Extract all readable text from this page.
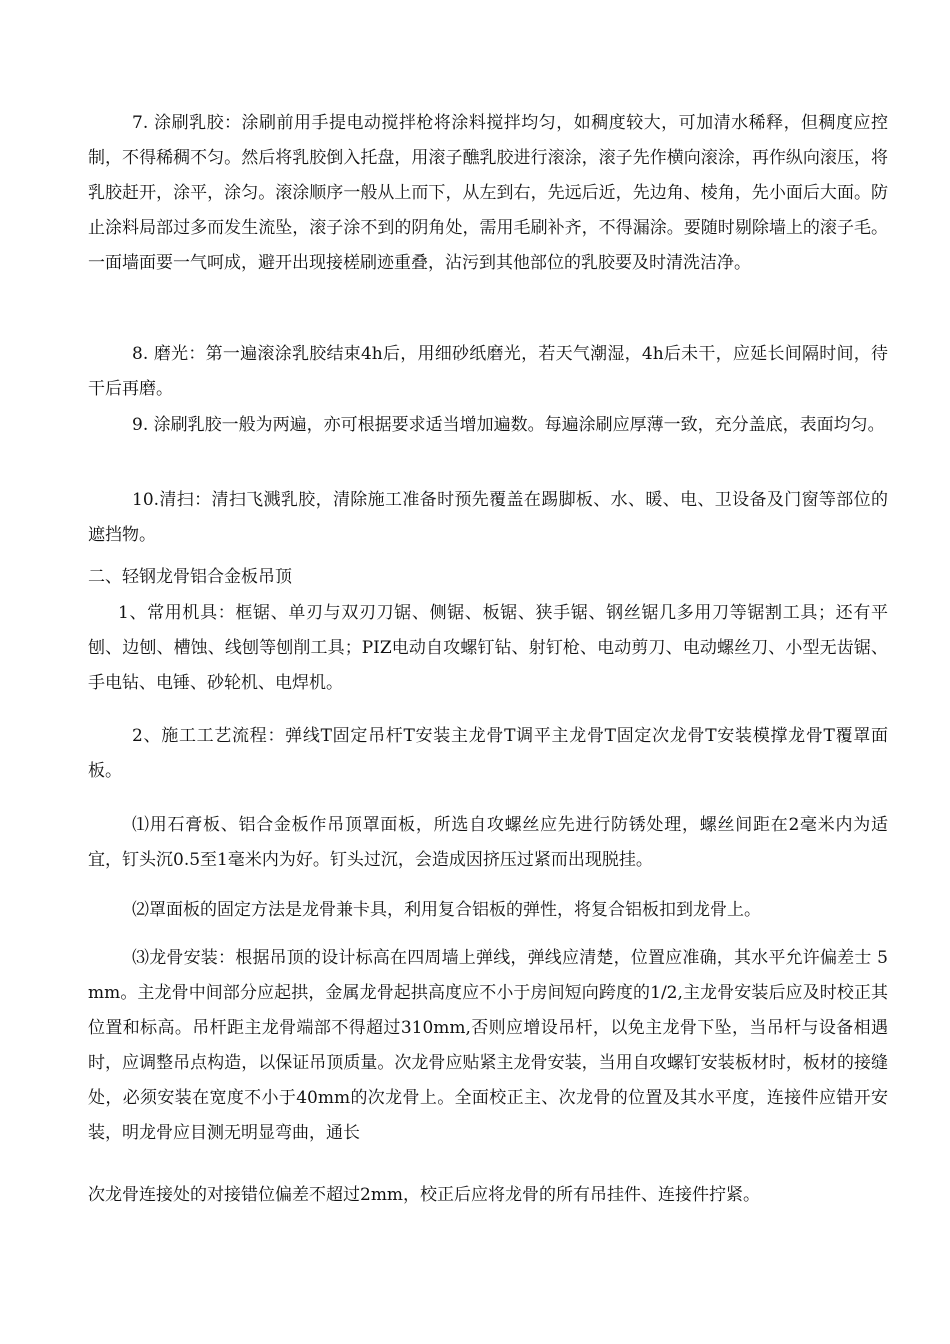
7. 涂刷乳胶：涂刷前用手提电动搅拌枪将涂料搅拌均匀，如稠度较大，可加清水稀释，但稠度应控制，不得稀稠不匀。然后将乳胶倒入托盘，用滚子醮乳胶进行滚涂，滚子先作横向滚涂，再作纵向滚压，将乳胶赶开，涂平，涂匀。滚涂顺序一般从上而下，从左到右，先远后近，先边角、棱角，先小面后大面。防止涂料局部过多而发生流坠，滚子涂不到的阴角处，需用毛刷补齐，不得漏涂。要随时剔除墙上的滚子毛。一面墙面要一气呵成，避开出现接槎刷迹重叠，沾污到其他部位的乳胶要及时清洗洁净。

8. 磨光：第一遍滚涂乳胶结束4h后，用细砂纸磨光，若天气潮湿，4h后未干，应延长间隔时间，待干后再磨。

9. 涂刷乳胶一般为两遍，亦可根据要求适当增加遍数。每遍涂刷应厚薄一致，充分盖底，表面均匀。

10.清扫：清扫飞溅乳胶，清除施工准备时预先覆盖在踢脚板、水、暖、电、卫设备及门窗等部位的遮挡物。

二、轻钢龙骨铝合金板吊顶

1、常用机具：框锯、单刃与双刃刀锯、侧锯、板锯、狭手锯、钢丝锯几多用刀等锯割工具；还有平刨、边刨、槽蚀、线刨等刨削工具；PIZ电动自攻螺钉钻、射钉枪、电动剪刀、电动螺丝刀、小型无齿锯、手电钻、电锤、砂轮机、电焊机。

2、施工工艺流程：弹线T固定吊杆T安装主龙骨T调平主龙骨T固定次龙骨T安装模撑龙骨T覆罩面板。

⑴用石膏板、铝合金板作吊顶罩面板，所选自攻螺丝应先进行防锈处理，螺丝间距在2毫米内为适宜，钉头沉0.5至1毫米内为好。钉头过沉，会造成因挤压过紧而出现脱挂。

⑵罩面板的固定方法是龙骨兼卡具，利用复合铝板的弹性，将复合铝板扣到龙骨上。

⑶龙骨安装：根据吊顶的设计标高在四周墙上弹线，弹线应清楚，位置应准确，其水平允许偏差士 5mm。主龙骨中间部分应起拱，金属龙骨起拱高度应不小于房间短向跨度的1/2,主龙骨安装后应及时校正其位置和标高。吊杆距主龙骨端部不得超过310mm,否则应增设吊杆，以免主龙骨下坠，当吊杆与设备相遇时，应调整吊点构造，以保证吊顶质量。次龙骨应贴紧主龙骨安装，当用自攻螺钉安装板材时，板材的接缝处，必须安装在宽度不小于40mm的次龙骨上。全面校正主、次龙骨的位置及其水平度，连接件应错开安装，明龙骨应目测无明显弯曲，通长

次龙骨连接处的对接错位偏差不超过2mm，校正后应将龙骨的所有吊挂件、连接件拧紧。
